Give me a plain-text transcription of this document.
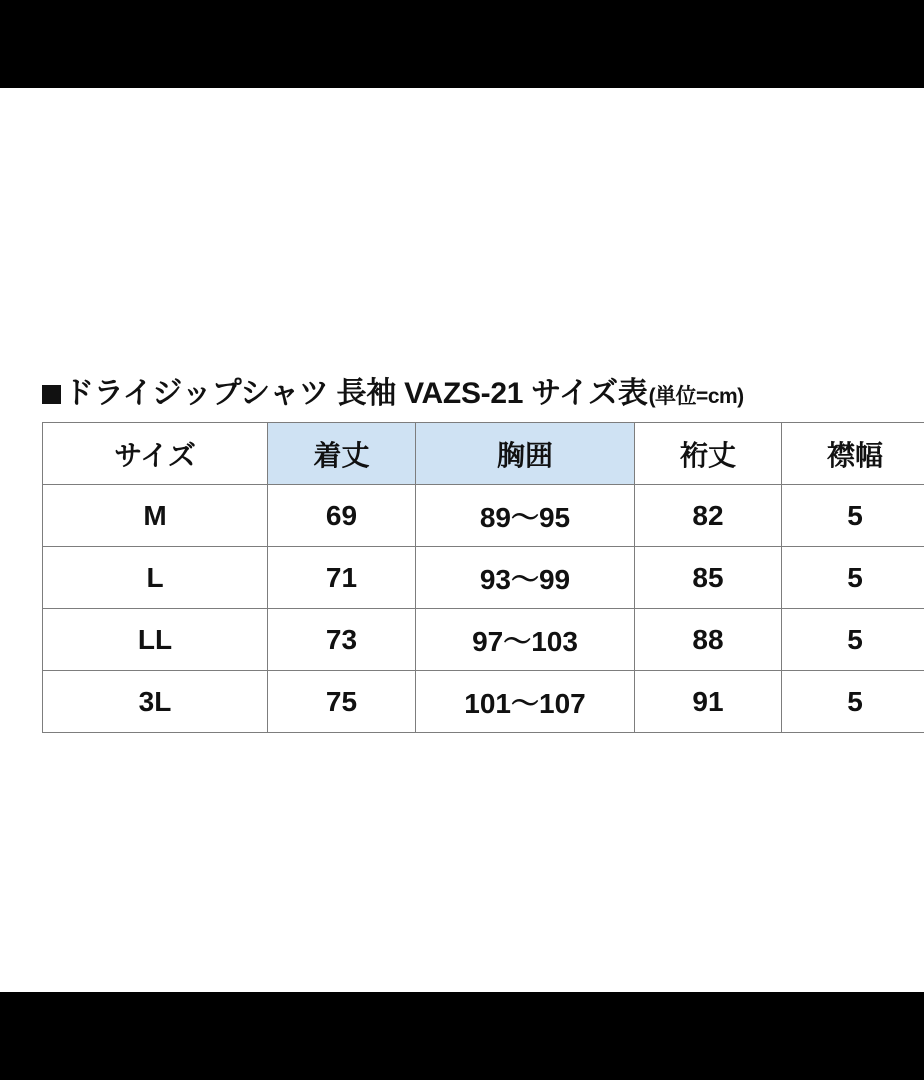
ドライジップシャツ 長袖 VAZS-21 サイズ表 (単位=cm)
サイズ	着丈	胸囲	裄丈	襟幅
M	69	89〜95	82	5
L	71	93〜99	85	5
LL	73	97〜103	88	5
3L	75	101〜107	91	5
